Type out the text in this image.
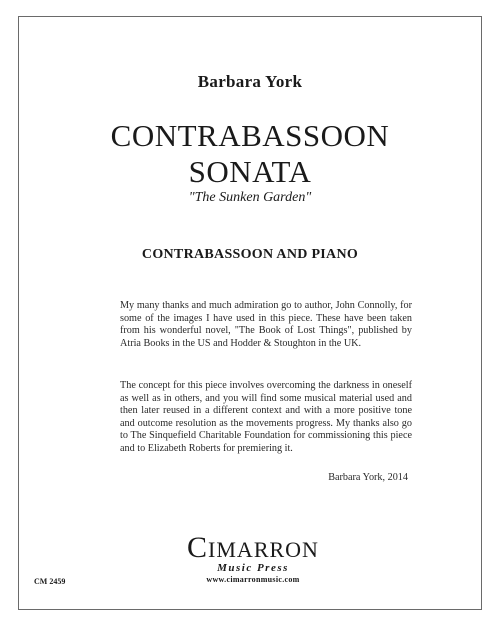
Barbara York
CONTRABASSOON
SONATA
"The Sunken Garden"
CONTRABASSOON AND PIANO
My many thanks and much admiration go to author, John Connolly, for some of the images I have used in this piece. These have been taken from his wonderful novel, "The Book of Lost Things", published by Atria Books in the US and Hodder & Stoughton in the UK.
The concept for this piece involves overcoming the darkness in oneself as well as in others, and you will find some musical material used and then later reused in a different context and with a more positive tone and outcome resolution as the movements progress. My thanks also go to The Sinquefield Charitable Foundation for commissioning this piece and to Elizabeth Roberts for premiering it.
Barbara York, 2014
CIMARRON
Music Press
www.cimarronmusic.com
CM 2459
